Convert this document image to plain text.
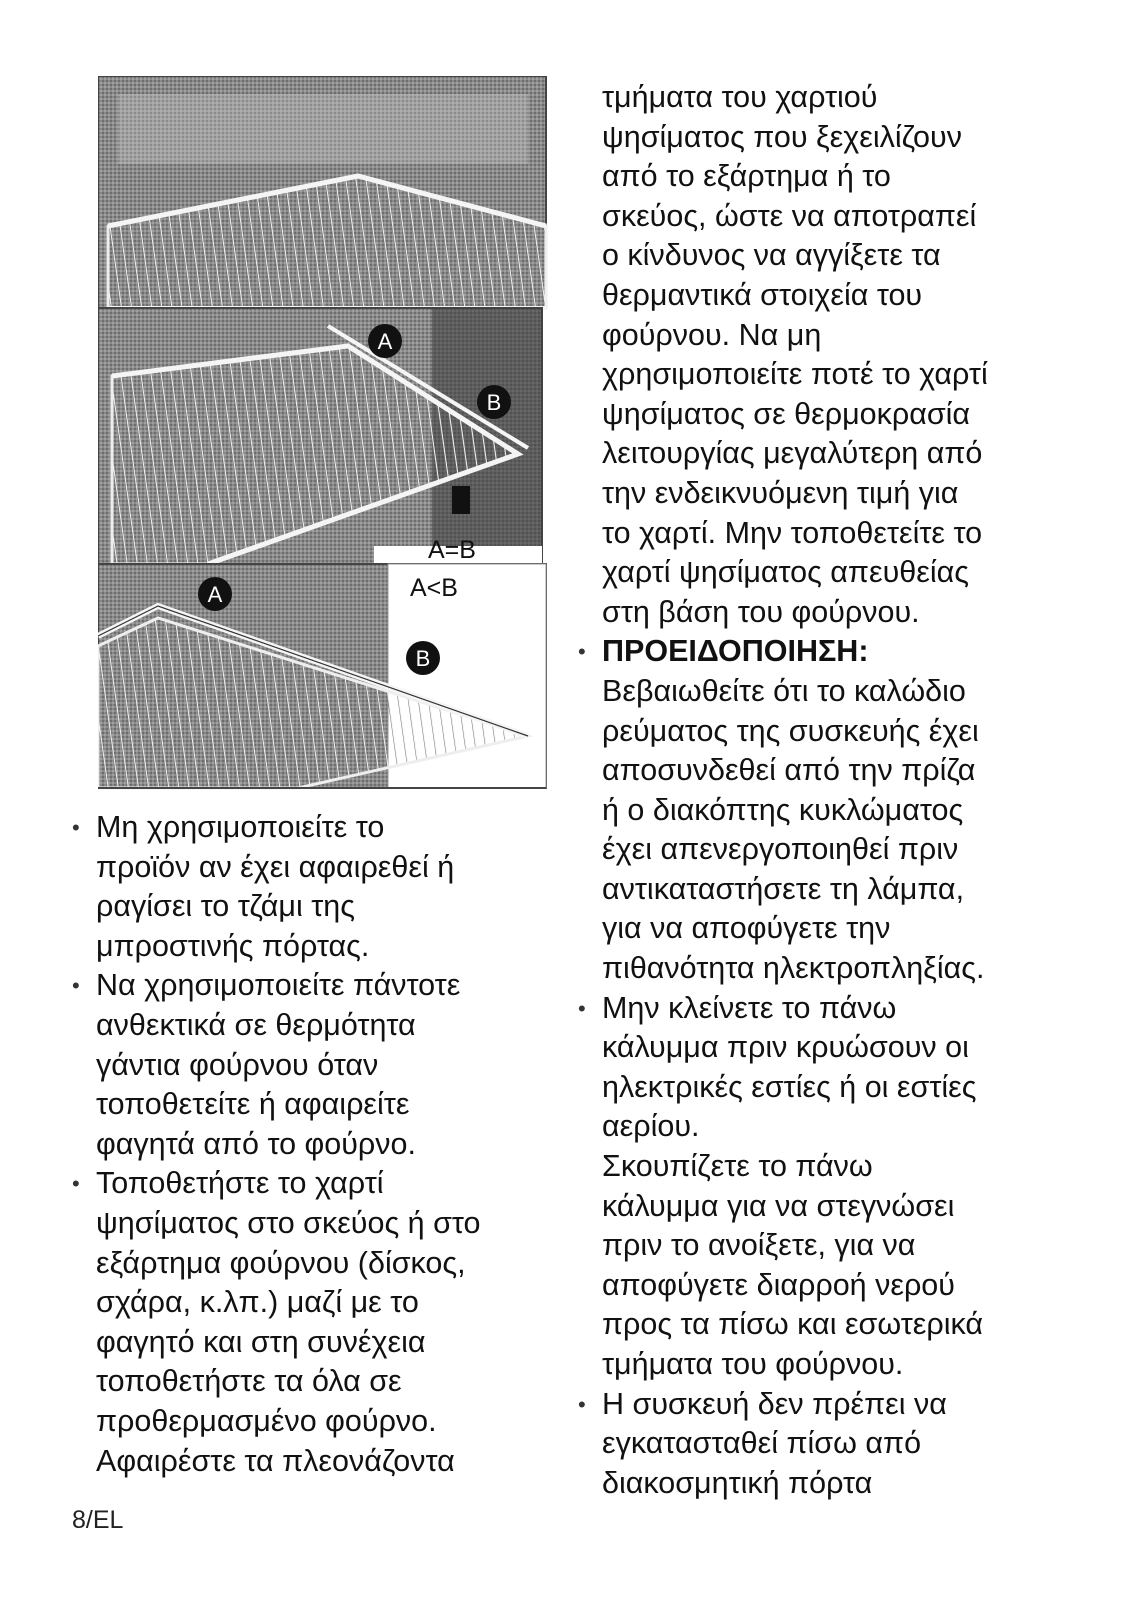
A
B
A=B
A<B
A
B
• Μη χρησιμοποιείτε το
προϊόν αν έχει αφαιρεθεί ή
ραγίσει το τζάμι της
μπροστινής πόρτας.
• Να χρησιμοποιείτε πάντοτε
ανθεκτικά σε θερμότητα
γάντια φούρνου όταν
τοποθετείτε ή αφαιρείτε
φαγητά από το φούρνο.
• Τοποθετήστε το χαρτί
ψησίματος στο σκεύος ή στο
εξάρτημα φούρνου (δίσκος,
σχάρα, κ.λπ.) μαζί με το
φαγητό και στη συνέχεια
τοποθετήστε τα όλα σε
προθερμασμένο φούρνο.
Αφαιρέστε τα πλεονάζοντα
τμήματα του χαρτιού
ψησίματος που ξεχειλίζουν
από το εξάρτημα ή το
σκεύος, ώστε να αποτραπεί
ο κίνδυνος να αγγίξετε τα
θερμαντικά στοιχεία του
φούρνου. Να μη
χρησιμοποιείτε ποτέ το χαρτί
ψησίματος σε θερμοκρασία
λειτουργίας μεγαλύτερη από
την ενδεικνυόμενη τιμή για
το χαρτί. Μην τοποθετείτε το
χαρτί ψησίματος απευθείας
στη βάση του φούρνου.
• ΠΡΟΕΙΔΟΠΟΙΗΣΗ:
Βεβαιωθείτε ότι το καλώδιο
ρεύματος της συσκευής έχει
αποσυνδεθεί από την πρίζα
ή ο διακόπτης κυκλώματος
έχει απενεργοποιηθεί πριν
αντικαταστήσετε τη λάμπα,
για να αποφύγετε την
πιθανότητα ηλεκτροπληξίας.
• Μην κλείνετε το πάνω
κάλυμμα πριν κρυώσουν οι
ηλεκτρικές εστίες ή οι εστίες
αερίου.
Σκουπίζετε το πάνω
κάλυμμα για να στεγνώσει
πριν το ανοίξετε, για να
αποφύγετε διαρροή νερού
προς τα πίσω και εσωτερικά
τμήματα του φούρνου.
• Η συσκευή δεν πρέπει να
εγκατασταθεί πίσω από
διακοσμητική πόρτα
8/EL
